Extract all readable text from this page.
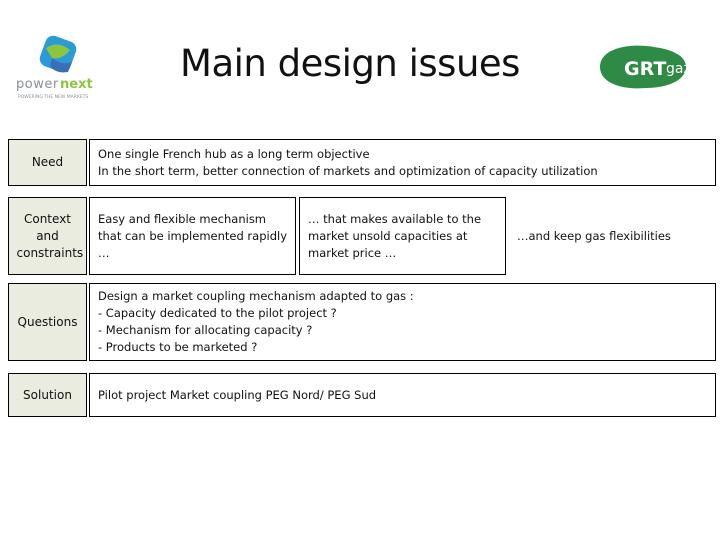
power next
POWERING THE NEW MARKETS
Main design issues	GRT gaz
Need
One single French hub as a long term objective
In the short term, better connection of markets and optimization of capacity utilization
Context and constraints
Easy and flexible mechanism that can be implemented rapidly …
… that makes available to the market unsold capacities at market price …
…and keep gas flexibilities
Questions
Design a market coupling mechanism adapted to gas :
- Capacity dedicated to the pilot project ?
- Mechanism for allocating capacity ?
- Products to be marketed ?
Solution Pilot project Market coupling PEG Nord/ PEG Sud
